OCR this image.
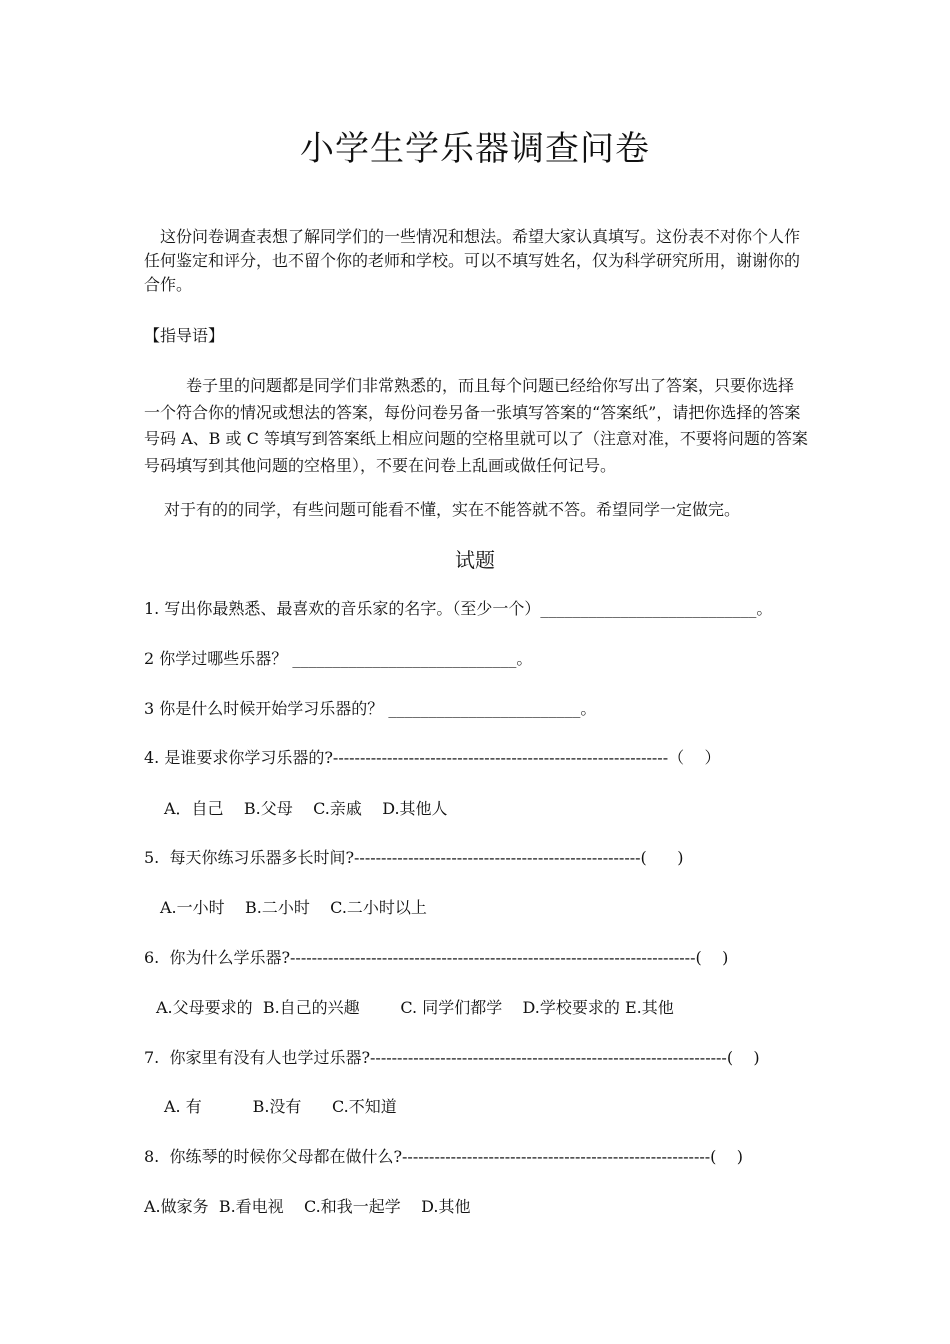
小学生学乐器调查问卷
这份问卷调查表想了解同学们的一些情况和想法。希望大家认真填写。这份表不对你个人作任何鉴定和评分，也不留个你的老师和学校。可以不填写姓名，仅为科学研究所用，谢谢你的合作。
【指导语】
卷子里的问题都是同学们非常熟悉的，而且每个问题已经给你写出了答案，只要你选择一个符合你的情况或想法的答案，每份问卷另备一张填写答案的“答案纸”，请把你选择的答案号码 A、B 或 C 等填写到答案纸上相应问题的空格里就可以了（注意对准，不要将问题的答案号码填写到其他问题的空格里），不要在问卷上乱画或做任何记号。
对于有的的同学，有些问题可能看不懂，实在不能答就不答。希望同学一定做完。
试题
1. 写出你最熟悉、最喜欢的音乐家的名字。（至少一个）___________________________。
2 你学过哪些乐器？ ____________________________。
3 你是什么时候开始学习乐器的？ ________________________。
4. 是谁要求你学习乐器的?--------------------------------------------------------------（    ）
A．自己    B.父母    C.亲戚    D.其他人
5.  每天你练习乐器多长时间?-----------------------------------------------------(      )
A.一小时    B.二小时    C.二小时以上
6.  你为什么学乐器?---------------------------------------------------------------------------(    )
A.父母要求的  B.自己的兴趣        C. 同学们都学    D.学校要求的 E.其他
7.  你家里有没有人也学过乐器?------------------------------------------------------------------(    )
A. 有          B.没有      C.不知道
8.  你练琴的时候你父母都在做什么?---------------------------------------------------------(    )
A.做家务  B.看电视    C.和我一起学    D.其他
